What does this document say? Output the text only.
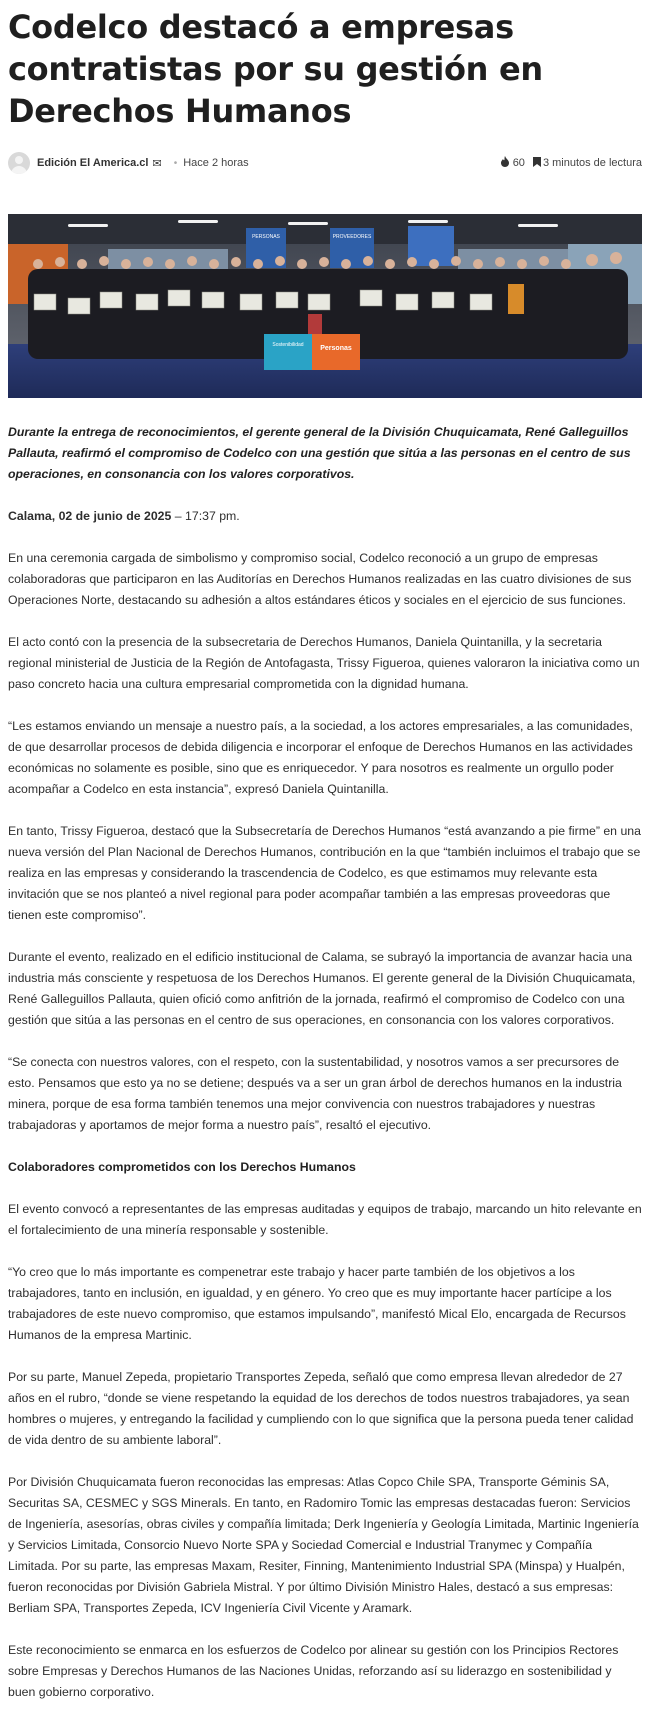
Codelco destacó a empresas contratistas por su gestión en Derechos Humanos
Edición El America.cl ✉ • Hace 2 horas	60 3 minutos de lectura
PERSONAS	PROVEEDORES
Sostenibilidad Personas

Durante la entrega de reconocimientos, el gerente general de la División Chuquicamata, René Galleguillos Pallauta, reafirmó el compromiso de Codelco con una gestión que sitúa a las personas en el centro de sus operaciones, en consonancia con los valores corporativos.

Calama, 02 de junio de 2025 – 17:37 pm.

En una ceremonia cargada de simbolismo y compromiso social, Codelco reconoció a un grupo de empresas colaboradoras que participaron en las Auditorías en Derechos Humanos realizadas en las cuatro divisiones de sus Operaciones Norte, destacando su adhesión a altos estándares éticos y sociales en el ejercicio de sus funciones.

El acto contó con la presencia de la subsecretaria de Derechos Humanos, Daniela Quintanilla, y la secretaria regional ministerial de Justicia de la Región de Antofagasta, Trissy Figueroa, quienes valoraron la iniciativa como un paso concreto hacia una cultura empresarial comprometida con la dignidad humana.

“Les estamos enviando un mensaje a nuestro país, a la sociedad, a los actores empresariales, a las comunidades, de que desarrollar procesos de debida diligencia e incorporar el enfoque de Derechos Humanos en las actividades económicas no solamente es posible, sino que es enriquecedor. Y para nosotros es realmente un orgullo poder acompañar a Codelco en esta instancia”, expresó Daniela Quintanilla.

En tanto, Trissy Figueroa, destacó que la Subsecretaría de Derechos Humanos “está avanzando a pie firme” en una nueva versión del Plan Nacional de Derechos Humanos, contribución en la que “también incluimos el trabajo que se realiza en las empresas y considerando la trascendencia de Codelco, es que estimamos muy relevante esta invitación que se nos planteó a nivel regional para poder acompañar también a las empresas proveedoras que tienen este compromiso”.

Durante el evento, realizado en el edificio institucional de Calama, se subrayó la importancia de avanzar hacia una industria más consciente y respetuosa de los Derechos Humanos. El gerente general de la División Chuquicamata, René Galleguillos Pallauta, quien ofició como anfitrión de la jornada, reafirmó el compromiso de Codelco con una gestión que sitúa a las personas en el centro de sus operaciones, en consonancia con los valores corporativos.

“Se conecta con nuestros valores, con el respeto, con la sustentabilidad, y nosotros vamos a ser precursores de esto. Pensamos que esto ya no se detiene; después va a ser un gran árbol de derechos humanos en la industria minera, porque de esa forma también tenemos una mejor convivencia con nuestros trabajadores y nuestras trabajadoras y aportamos de mejor forma a nuestro país”, resaltó el ejecutivo.

Colaboradores comprometidos con los Derechos Humanos

El evento convocó a representantes de las empresas auditadas y equipos de trabajo, marcando un hito relevante en el fortalecimiento de una minería responsable y sostenible.

“Yo creo que lo más importante es compenetrar este trabajo y hacer parte también de los objetivos a los trabajadores, tanto en inclusión, en igualdad, y en género. Yo creo que es muy importante hacer partícipe a los trabajadores de este nuevo compromiso, que estamos impulsando”, manifestó Mical Elo, encargada de Recursos Humanos de la empresa Martinic.

Por su parte, Manuel Zepeda, propietario Transportes Zepeda, señaló que como empresa llevan alrededor de 27 años en el rubro, “donde se viene respetando la equidad de los derechos de todos nuestros trabajadores, ya sean hombres o mujeres, y entregando la facilidad y cumpliendo con lo que significa que la persona pueda tener calidad de vida dentro de su ambiente laboral”.

Por División Chuquicamata fueron reconocidas las empresas: Atlas Copco Chile SPA, Transporte Géminis SA, Securitas SA, CESMEC y SGS Minerals. En tanto, en Radomiro Tomic las empresas destacadas fueron: Servicios de Ingeniería, asesorías, obras civiles y compañía limitada; Derk Ingeniería y Geología Limitada, Martinic Ingeniería y Servicios Limitada, Consorcio Nuevo Norte SPA y Sociedad Comercial e Industrial Tranymec y Compañía Limitada. Por su parte, las empresas Maxam, Resiter, Finning, Mantenimiento Industrial SPA (Minspa) y Hualpén, fueron reconocidas por División Gabriela Mistral. Y por último División Ministro Hales, destacó a sus empresas: Berliam SPA, Transportes Zepeda, ICV Ingeniería Civil Vicente y Aramark.

Este reconocimiento se enmarca en los esfuerzos de Codelco por alinear su gestión con los Principios Rectores sobre Empresas y Derechos Humanos de las Naciones Unidas, reforzando así su liderazgo en sostenibilidad y buen gobierno corporativo.
